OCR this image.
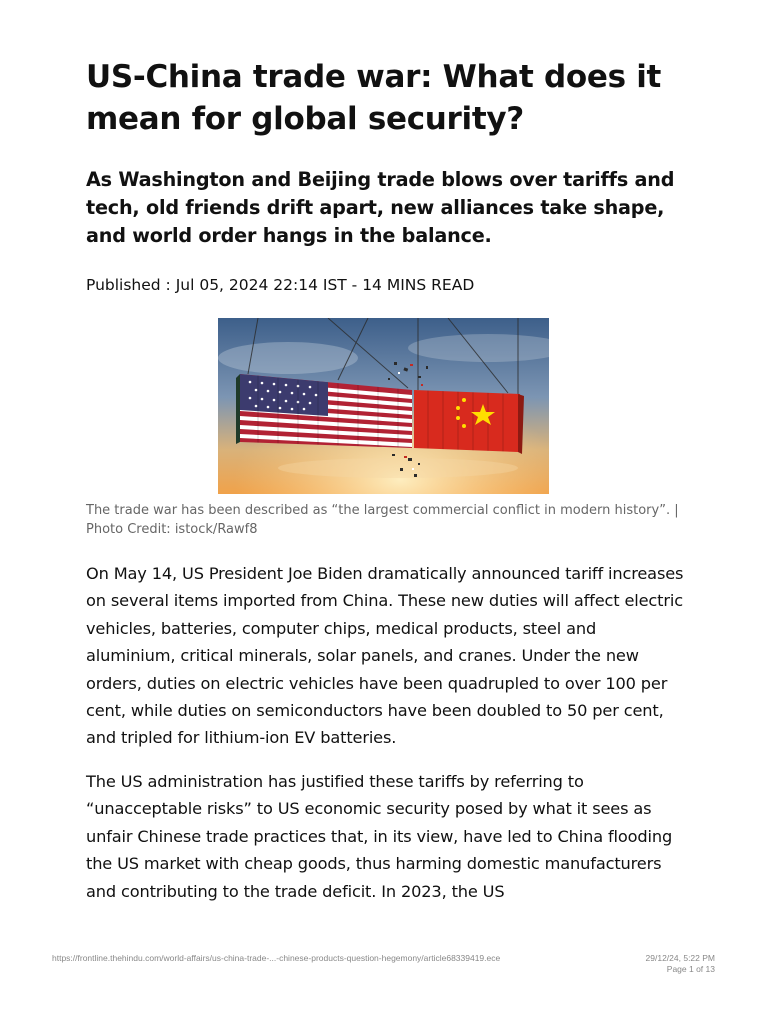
US-China trade war: What does it mean for global security?
As Washington and Beijing trade blows over tariffs and tech, old friends drift apart, new alliances take shape, and world order hangs in the balance.
Published : Jul 05, 2024 22:14 IST - 14 MINS READ
The trade war has been described as “the largest commercial conflict in modern history”. | Photo Credit: istock/Rawf8

On May 14, US President Joe Biden dramatically announced tariff increases on several items imported from China. These new duties will affect electric vehicles, batteries, computer chips, medical products, steel and aluminium, critical minerals, solar panels, and cranes. Under the new orders, duties on electric vehicles have been quadrupled to over 100 per cent, while duties on semiconductors have been doubled to 50 per cent, and tripled for lithium-ion EV batteries.

The US administration has justified these tariffs by referring to “unacceptable risks” to US economic security posed by what it sees as unfair Chinese trade practices that, in its view, have led to China flooding the US market with cheap goods, thus harming domestic manufacturers and contributing to the trade deficit. In 2023, the US

https://frontline.thehindu.com/world-affairs/us-china-trade-...-chinese-products-question-hegemony/article68339419.ece	29/12/24, 5:22 PM
Page 1 of 13
